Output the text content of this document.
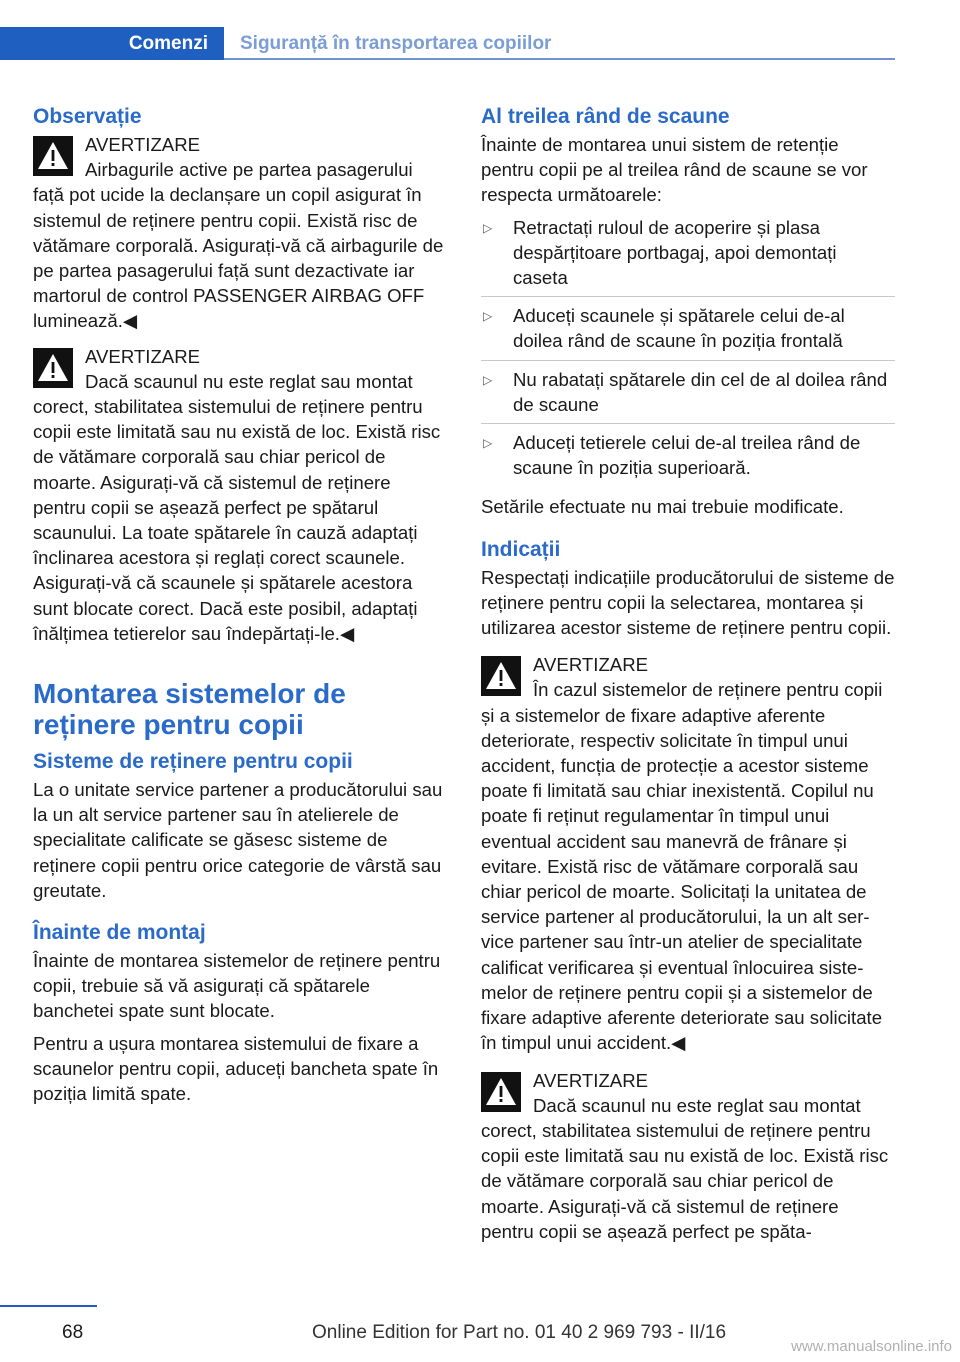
Comenzi Siguranță în transportarea copiilor
Observație

AVERTIZARE
Airbagurile active pe partea pasagerului față pot ucide la declanșare un copil asigurat în sistemul de reținere pentru copii. Există risc de vătămare corporală. Asigurați-vă că airbagurile de pe partea pasagerului față sunt dezactivate iar martorul de control PASSENGER AIRBAG OFF luminează.◀

AVERTIZARE
Dacă scaunul nu este reglat sau montat corect, stabilitatea sistemului de reținere pentru copii este limitată sau nu există de loc. Există risc de vătămare corporală sau chiar pericol de moarte. Asigurați-vă că sistemul de reținere pentru copii se așează perfect pe spătarul scaunului. La toate spătarele în cauză adaptați înclinarea acestora și reglați corect scaunele. Asigurați-vă că scaunele și spătarele acestora sunt blocate corect. Dacă este posibil, adaptați înălțimea tetierelor sau îndepărtați-le.◀

Montarea sistemelor de reținere pentru copii
Sisteme de reținere pentru copii

La o unitate service partener a producătorului sau la un alt service partener sau în atelierele de specialitate calificate se găsesc sisteme de reținere copii pentru orice categorie de vârstă sau greutate.

Înainte de montaj

Înainte de montarea sistemelor de reținere pentru copii, trebuie să vă asigurați că spătarele banchetei spate sunt blocate.

Pentru a ușura montarea sistemului de fixare a scaunelor pentru copii, aduceți bancheta spate în poziția limită spate.

Al treilea rând de scaune

Înainte de montarea unui sistem de retenție pentru copii pe al treilea rând de scaune se vor respecta următoarele:

▷ Retractați ruloul de acoperire și plasa despărțitoare portbagaj, apoi demontați caseta
▷ Aduceți scaunele și spătarele celui de-al doilea rând de scaune în poziția frontală
▷ Nu rabatați spătarele din cel de al doilea rând de scaune
▷ Aduceți tetierele celui de-al treilea rând de scaune în poziția superioară.

Setările efectuate nu mai trebuie modificate.

Indicații

Respectați indicațiile producătorului de sisteme de reținere pentru copii la selectarea, montarea și utilizarea acestor sisteme de reținere pentru copii.

AVERTIZARE
În cazul sistemelor de reținere pentru copii și a sistemelor de fixare adaptive aferente deteriorate, respectiv solicitate în timpul unui accident, funcția de protecție a acestor sisteme poate fi limitată sau chiar inexistentă. Copilul nu poate fi reținut regulamentar în timpul unui eventual accident sau manevră de frânare și evitare. Există risc de vătămare corporală sau chiar pericol de moarte. Solicitați la unitatea de service partener al producătorului, la un alt service partener sau într-un atelier de specialitate calificat verificarea și eventual înlocuirea sistemelor de reținere pentru copii și a sistemelor de fixare adaptive aferente deteriorate sau solicitate în timpul unui accident.◀

AVERTIZARE
Dacă scaunul nu este reglat sau montat corect, stabilitatea sistemului de reținere pentru copii este limitată sau nu există de loc. Există risc de vătămare corporală sau chiar pericol de moarte. Asigurați-vă că sistemul de reținere pentru copii se așează perfect pe spăta-

68	Online Edition for Part no. 01 40 2 969 793 - II/16
www.manualsonline.info
